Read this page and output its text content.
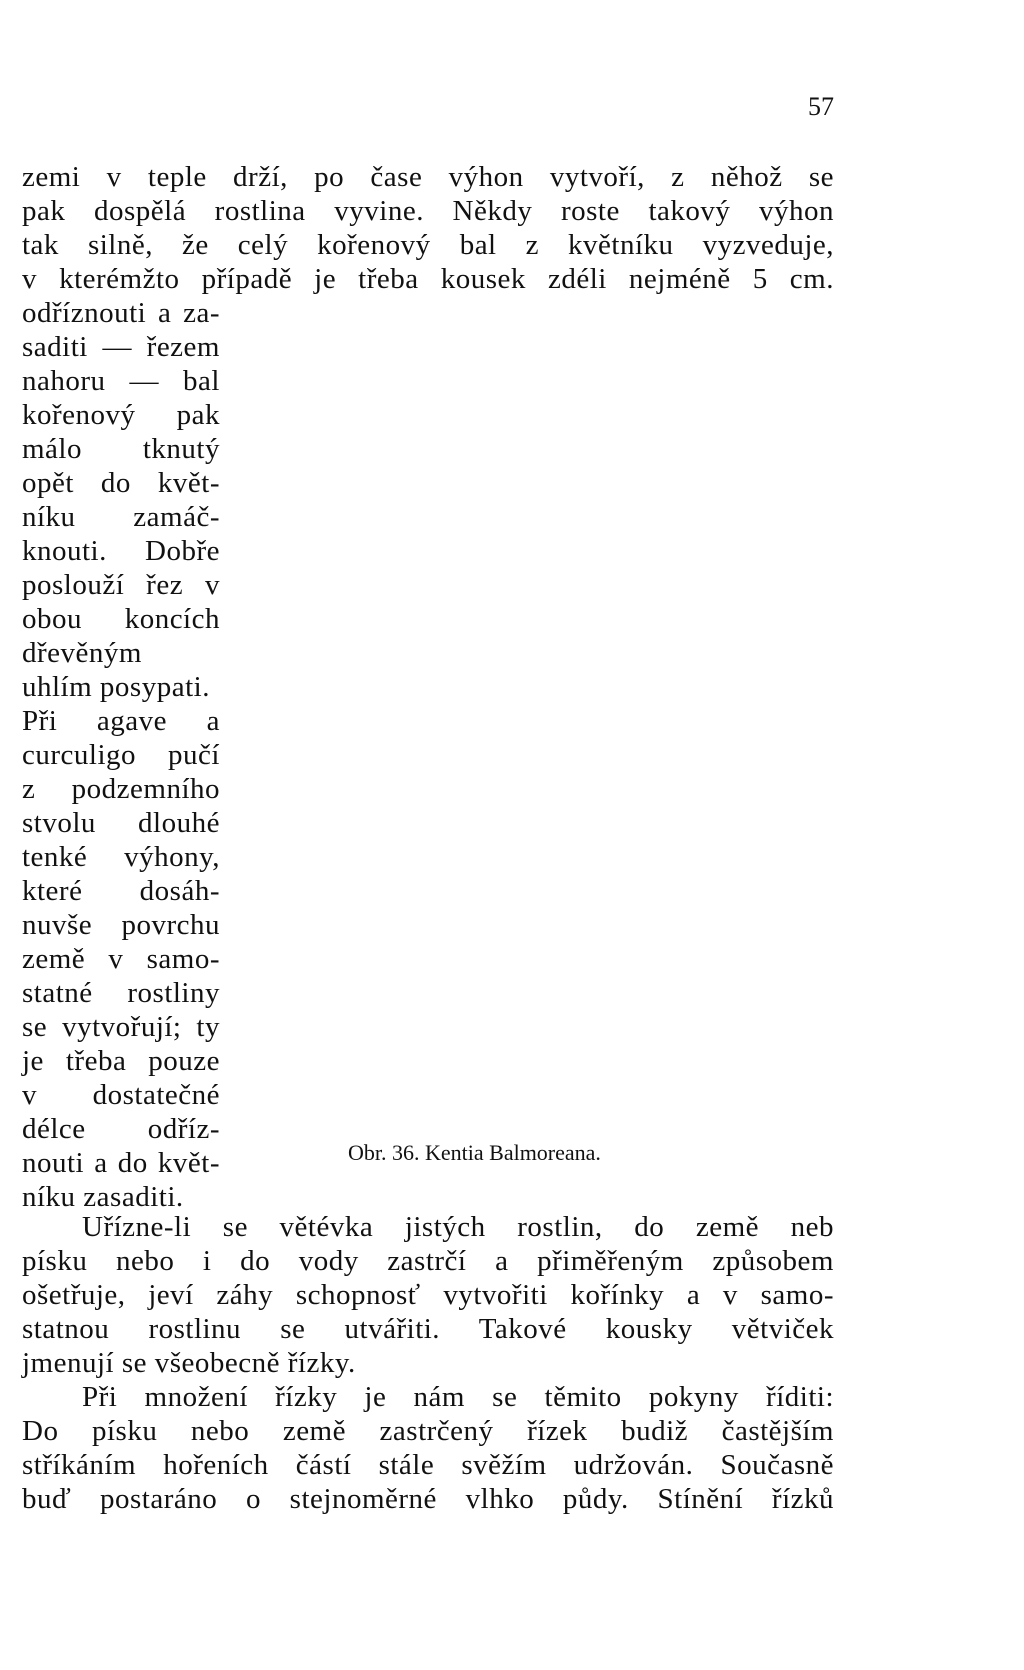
57
zemi v teple drží, po čase výhon vytvoří, z něhož se
pak dospělá rostlina vyvine. Někdy roste takový výhon
tak silně, že celý kořenový bal z květníku vyzveduje,
v kterémžto případě je třeba kousek zdéli nejméně 5 cm.
odříznouti a za-
saditi — řezem
nahoru — bal
kořenový pak
málo tknutý
opět do květ-
níku zamáč-
knouti. Dobře
poslouží řez v
obou koncích
dřevěným
uhlím posypati.
Při agave a
curculigo pučí
z podzemního
stvolu dlouhé
tenké výhony,
které dosáh-
nuvše povrchu
země v samo-
statné rostliny
se vytvořují; ty
je třeba pouze
v dostatečné
délce odříz-
nouti a do květ-
níku zasaditi.
Obr. 36. Kentia Balmoreana.
Uřízne-li se větévka jistých rostlin, do země neb
písku nebo i do vody zastrčí a přiměřeným způsobem
ošetřuje, jeví záhy schopnosť vytvořiti kořínky a v samo-
statnou rostlinu se utvářiti. Takové kousky větviček
jmenují se všeobecně řízky.
Při množení řízky je nám se těmito pokyny říditi:
Do písku nebo země zastrčený řízek budiž častějším
stříkáním hořeních částí stále svěžím udržován. Současně
buď postaráno o stejnoměrné vlhko půdy. Stínění řízků
